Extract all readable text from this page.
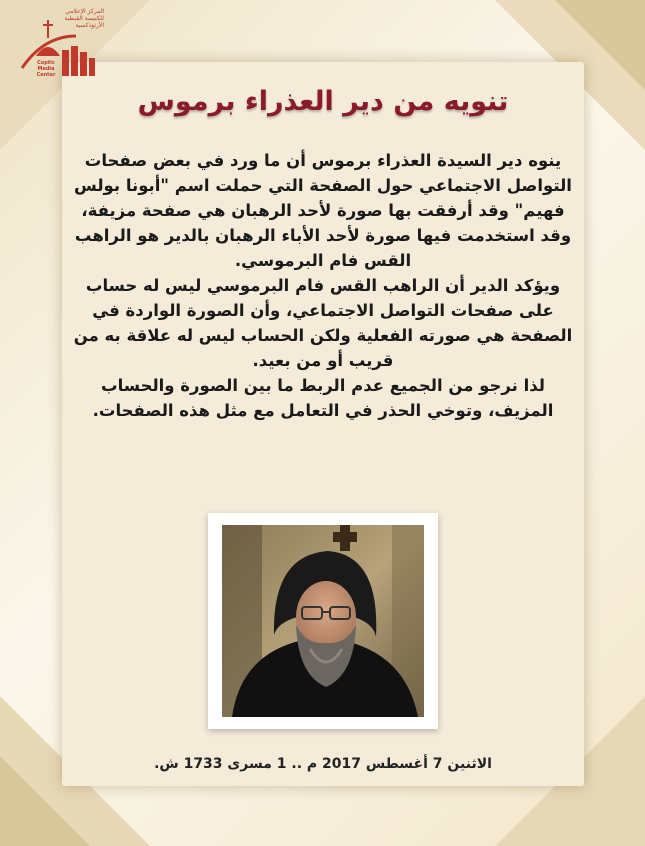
المركز الإعلامي للكنيسة القبطية الأرثوذكسية
Coptic
Media
Center
تنويه من دير العذراء برموس

ينوه دير السيدة العذراء برموس أن ما ورد في بعض صفحات التواصل الاجتماعي حول الصفحة التي حملت اسم "أبونا بولس فهيم" وقد أرفقت بها صورة لأحد الرهبان هي صفحة مزيفة، وقد استخدمت فيها صورة لأحد الأباء الرهبان بالدير هو الراهب القس فام البرموسي.

ويؤكد الدير أن الراهب القس فام البرموسي ليس له حساب على صفحات التواصل الاجتماعي، وأن الصورة الواردة في الصفحة هي صورته الفعلية ولكن الحساب ليس له علاقة به من قريب أو من بعيد.

لذا نرجو من الجميع عدم الربط ما بين الصورة والحساب المزيف، وتوخي الحذر في التعامل مع مثل هذه الصفحات.

الاثنين 7 أغسطس 2017 م .. 1 مسرى 1733 ش.
